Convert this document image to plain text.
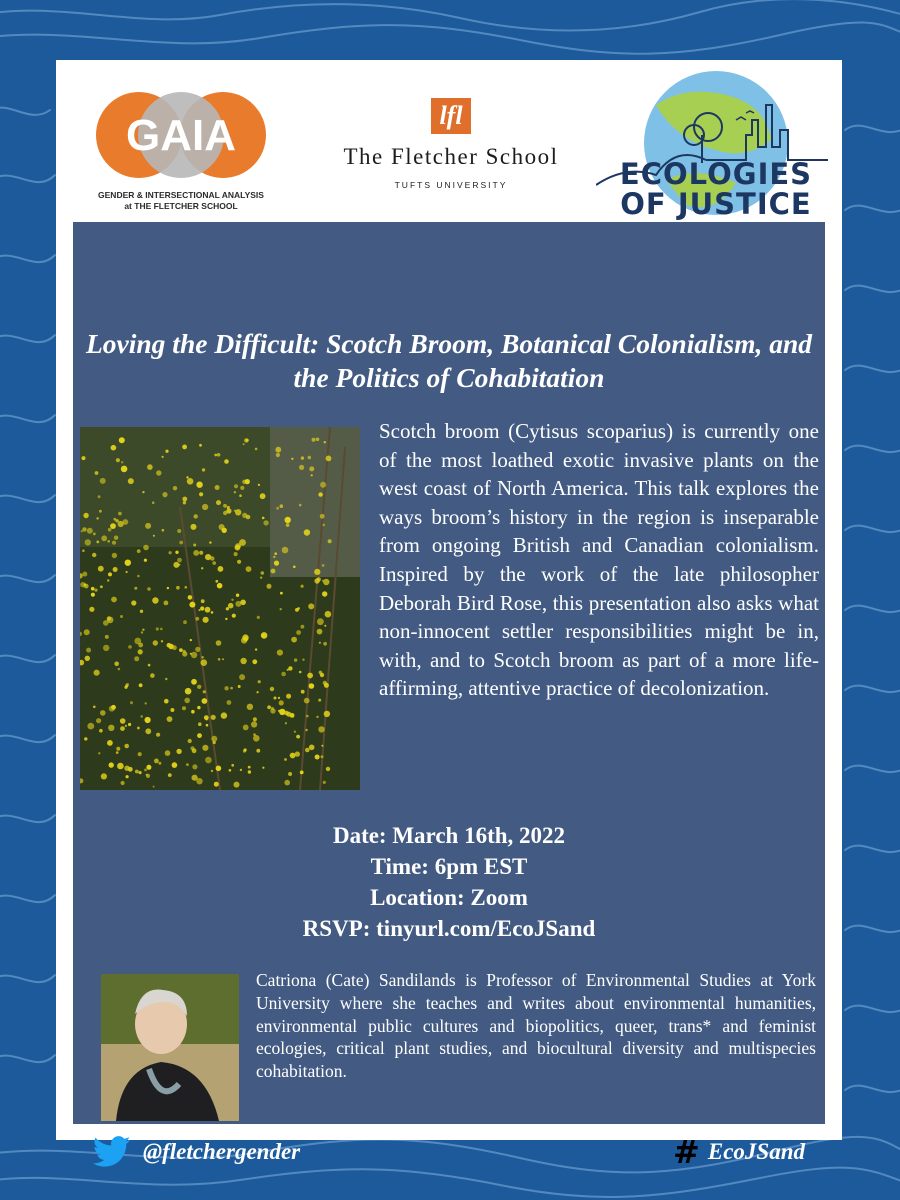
GAIA
GENDER & INTERSECTIONAL ANALYSIS
at THE FLETCHER SCHOOL
lfl
The Fletcher School
TUFTS UNIVERSITY	ECOLOGIES
OF JUSTICE
Loving the Difficult: Scotch Broom, Botanical Colonialism, and the Politics of Cohabitation

Scotch broom (Cytisus scoparius) is currently one of the most loathed exotic invasive plants on the west coast of North America. This talk explores the ways broom’s history in the region is inseparable from ongoing British and Canadian colonialism. Inspired by the work of the late philosopher Deborah Bird Rose, this presentation also asks what non-innocent settler responsibilities might be in, with, and to Scotch broom as part of a more life-affirming, attentive practice of decolonization.

Date: March 16th, 2022
Time: 6pm EST
Location: Zoom
RSVP: tinyurl.com/EcoJSand

Catriona (Cate) Sandilands is Professor of Environmental Studies at York University where she teaches and writes about environmental humanities, environmental public cultures and biopolitics, queer, trans* and feminist ecologies, critical plant studies, and biocultural diversity and multispecies cohabitation.

@fletchergender	# EcoJSand
